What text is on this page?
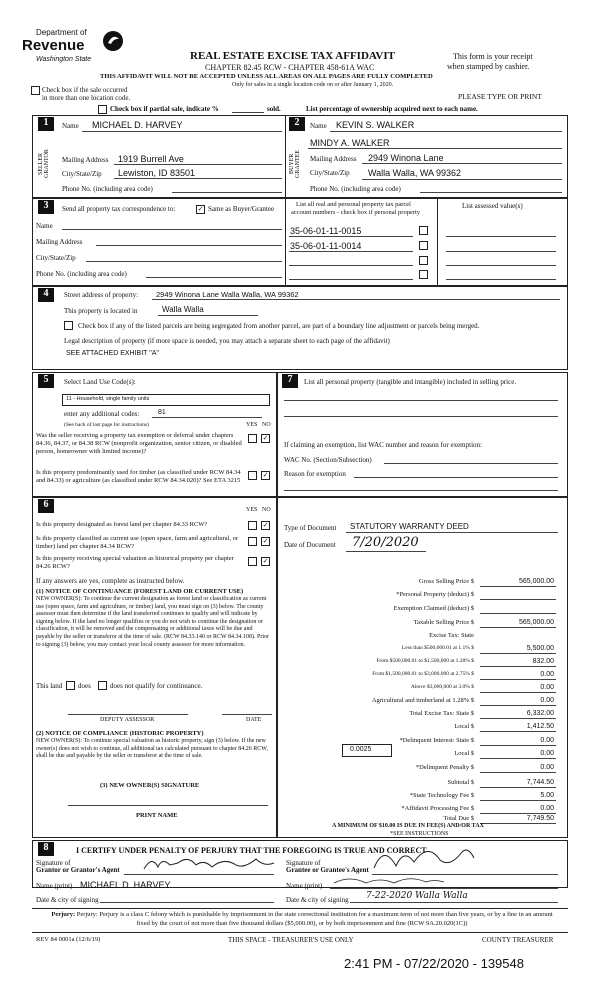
Department of
Revenue
Washington State	REAL ESTATE EXCISE TAX AFFIDAVIT
CHAPTER 82.45 RCW - CHAPTER 458-61A WAC
This form is your receipt
when stamped by cashier.
THIS AFFIDAVIT WILL NOT BE ACCEPTED UNLESS ALL AREAS ON ALL PAGES ARE FULLY COMPLETED
Only for sales in a single location code on or after January 1, 2020.
Check box if the sale occurred
in more than one location code.	PLEASE TYPE OR PRINT
Check box if partial sale, indicate %	sold.	List percentage of ownership acquired next to each name.
1
SELLER GRANTOR
Name MICHAEL D. HARVEY
Mailing Address 1919 Burrell Ave
City/State/Zip Lewiston, ID 83501
Phone No. (including area code)
2
BUYER GRANTEE
Name KEVIN S. WALKER
MINDY A. WALKER
Mailing Address 2949 Winona Lane
City/State/Zip Walla Walla, WA 99362
Phone No. (including area code)
3	Send all property tax correspondence to:	✓ Same as Buyer/Grantee
Name
Mailing Address
City/State/Zip
Phone No. (including area code)
List all real and personal property tax parcel
account numbers - check box if personal property
List assessed value(s)
35-06-01-11-0015
35-06-01-11-0014
4	Street address of property: 2949 Winona Lane Walla Walla, WA 99362
This property is located in	Walla Walla
Check box if any of the listed parcels are being segregated from another parcel, are part of a boundary line adjustment or parcels being merged.
Legal description of property (if more space is needed, you may attach a separate sheet to each page of the affidavit)
SEE ATTACHED EXHIBIT "A"
5	Select Land Use Code(s):
11 - Household, single family units
enter any additional codes:	81
(See back of last page for instructions)	YES NO
Was the seller receiving a property tax exemption or deferral under chapters 84.36, 84.37, or 84.38 RCW (nonprofit organization, senior citizen, or disabled person, homeowner with limited income)?
✓
Is this property predominantly used for timber (as classified under RCW 84.34 and 84.33) or agriculture (as classified under RCW 84.34.020)? See ETA 3215
✓
7	List all personal property (tangible and intangible) included in selling price.
If claiming an exemption, list WAC number and reason for exemption:
WAC No. (Section/Subsection)
Reason for exemption
6	YES NO
Is this property designated as forest land per chapter 84.33 RCW?	✓
Is this property classified as current use (open space, farm and agricultural, or timber) land per chapter 84.34 RCW?
✓
Is this property receiving special valuation as historical property per chapter 84.26 RCW?
✓
If any answers are yes, complete as instructed below.
(1) NOTICE OF CONTINUANCE (FOREST LAND OR CURRENT USE)
NEW OWNER(S): To continue the current designation as forest land or classification as current use (open space, farm and agriculture, or timber) land, you must sign on (3) below. The county assessor must then determine if the land transferred continues to qualify and will indicate by signing below. If the land no longer qualifies or you do not wish to continue the designation or classification, it will be removed and the compensating or additional taxes will be due and payable by the seller or transferor at the time of sale. (RCW 84.33.140 or RCW 84.34.108). Prior to signing (3) below, you may contact your local county assessor for more information.
This land does	does not qualify for continuance.
DEPUTY ASSESSOR	DATE
(2) NOTICE OF COMPLIANCE (HISTORIC PROPERTY)
NEW OWNER(S): To continue special valuation as historic property, sign (3) below. If the new owner(s) does not wish to continue, all additional tax calculated pursuant to chapter 84.26 RCW, shall be due and payable by the seller or transferor at the time of sale.
(3) NEW OWNER(S) SIGNATURE
PRINT NAME
Type of Document STATUTORY WARRANTY DEED
Date of Document 7/20/2020
0.0025
Gross Selling Price $	565,000.00
*Personal Property (deduct) $
Exemption Claimed (deduct) $
Taxable Selling Price $	565,000.00
Excise Tax: State
Less than $500,000.01 at 1.1% $	5,500.00
From $500,000.01 to $1,500,000 at 1.28% $	832.00
From $1,500,000.01 to $3,000,000 at 2.75% $	0.00
Above $3,000,000 at 3.0% $	0.00
Agricultural and timberland at 1.28% $	0.00
Total Excise Tax: State $	6,332.00
Local $	1,412.50
*Delinquent Interest: State $	0.00
Local $	0.00
*Delinquent Penalty $	0.00
Subtotal $	7,744.50
*State Technology Fee $	5.00
*Affidavit Processing Fee $	0.00
Total Due $	7,749.50
A MINIMUM OF $10.00 IS DUE IN FEE(S) AND/OR TAX
*SEE INSTRUCTIONS
8	I CERTIFY UNDER PENALTY OF PERJURY THAT THE FOREGOING IS TRUE AND CORRECT
Signature of
Grantor or Grantor's Agent
Name (print) MICHAEL D. HARVEY
Signature of
Grantee or Grantee's Agent
Name (print)
Date & city of signing	Date & city of signing 7-22-2020 Walla Walla
Perjury: Perjury: Perjury is a class C felony which is punishable by imprisonment in the state correctional institution for a maximum term of not more than five years, or by a fine in an amount fixed by the court of not more than five thousand dollars ($5,000.00), or by both imprisonment and fine (RCW 9A.20.020(1C))
REV 84 0001a (12/6/19)	THIS SPACE - TREASURER'S USE ONLY	COUNTY TREASURER
2:41 PM - 07/22/2020 - 139548
